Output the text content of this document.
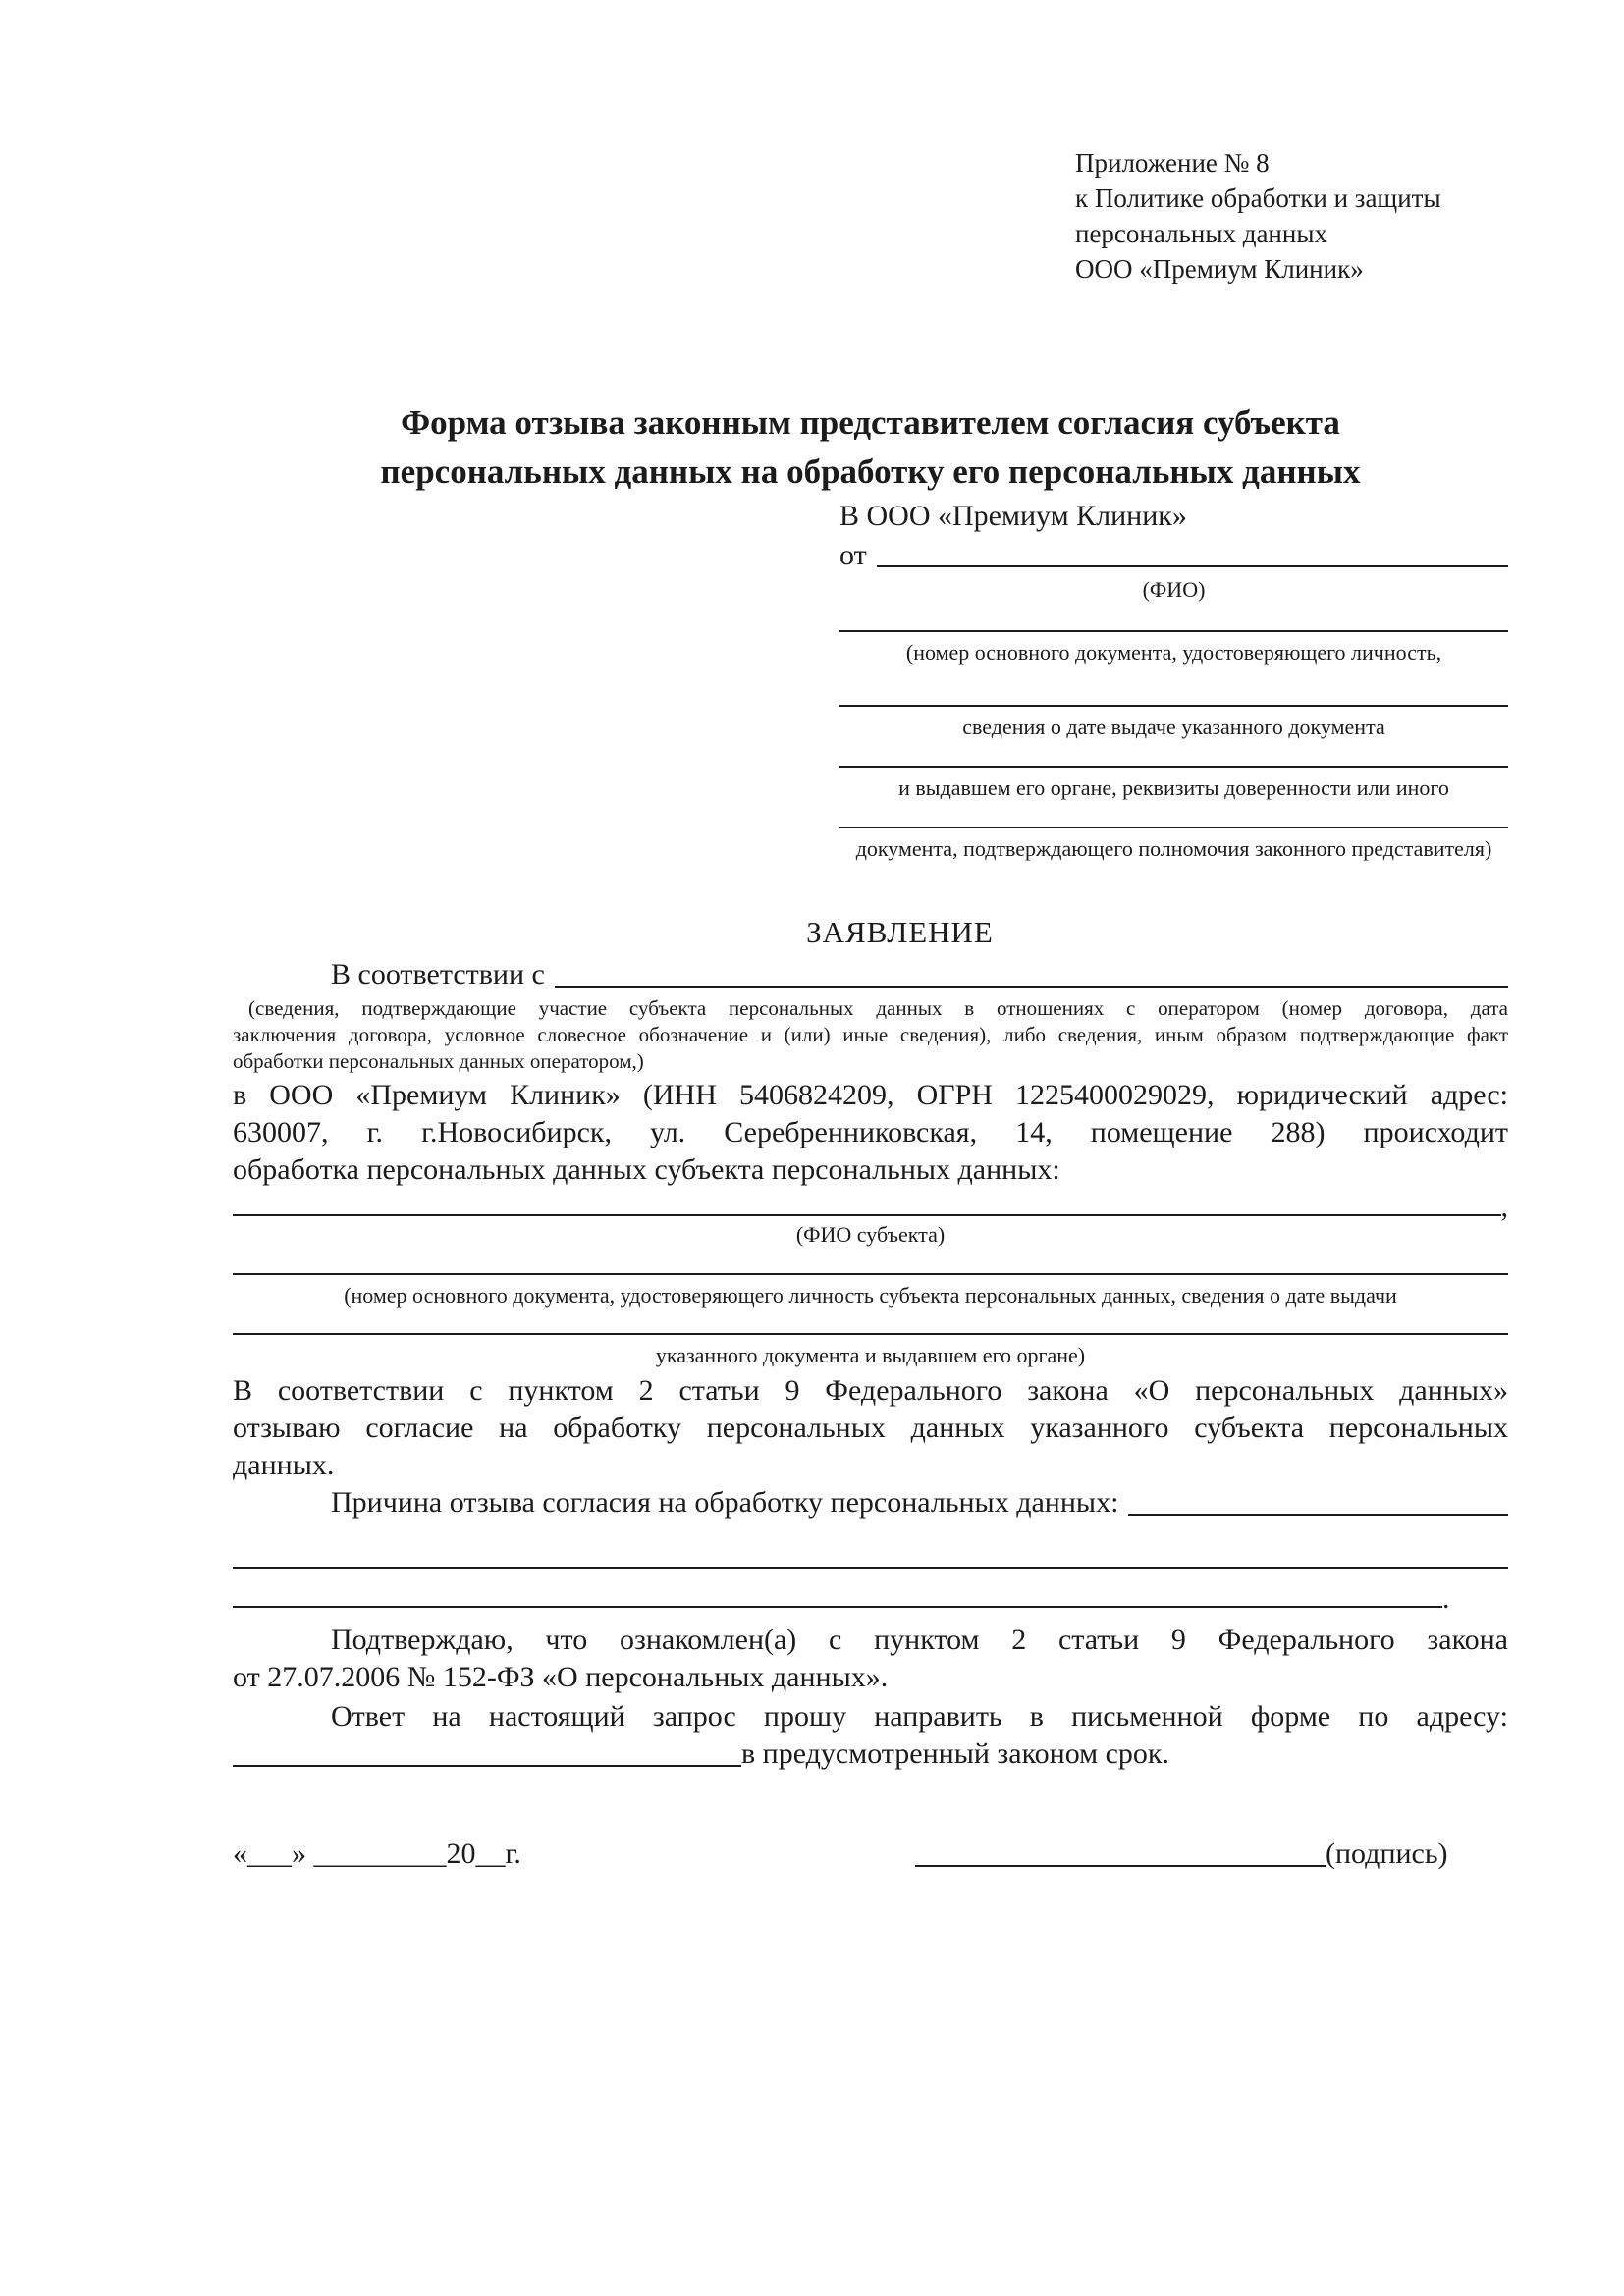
Приложение № 8
к Политике обработки и защиты
персональных данных
ООО «Премиум Клиник»
Форма отзыва законным представителем согласия субъекта
персональных данных на обработку его персональных данных
В ООО «Премиум Клиник»
от
(ФИО)
(номер основного документа, удостоверяющего личность,
сведения о дате выдаче указанного документа
и выдавшем его органе, реквизиты доверенности или иного
документа, подтверждающего полномочия законного представителя)
ЗАЯВЛЕНИЕ
В соответствии с
(сведения, подтверждающие участие субъекта персональных данных в отношениях с оператором (номер договора, дата
заключения договора, условное словесное обозначение и (или) иные сведения), либо сведения, иным образом подтверждающие факт
обработки персональных данных оператором,)
в ООО «Премиум Клиник» (ИНН 5406824209, ОГРН 1225400029029, юридический адрес:
630007, г. г.Новосибирск, ул. Серебренниковская, 14, помещение 288) происходит
обработка персональных данных субъекта персональных данных:
,
(ФИО субъекта)
(номер основного документа, удостоверяющего личность субъекта персональных данных, сведения о дате выдачи
указанного документа и выдавшем его органе)
В соответствии с пунктом 2 статьи 9 Федерального закона «О персональных данных»
отзываю согласие на обработку персональных данных указанного субъекта персональных
данных.
Причина отзыва согласия на обработку персональных данных:
.
Подтверждаю, что ознакомлен(а) с пунктом 2 статьи 9 Федерального закона
от 27.07.2006 № 152-ФЗ «О персональных данных».
Ответ на настоящий запрос прошу направить в письменной форме по адресу:
в предусмотренный законом срок.
«___» _________20__г.	(подпись)
